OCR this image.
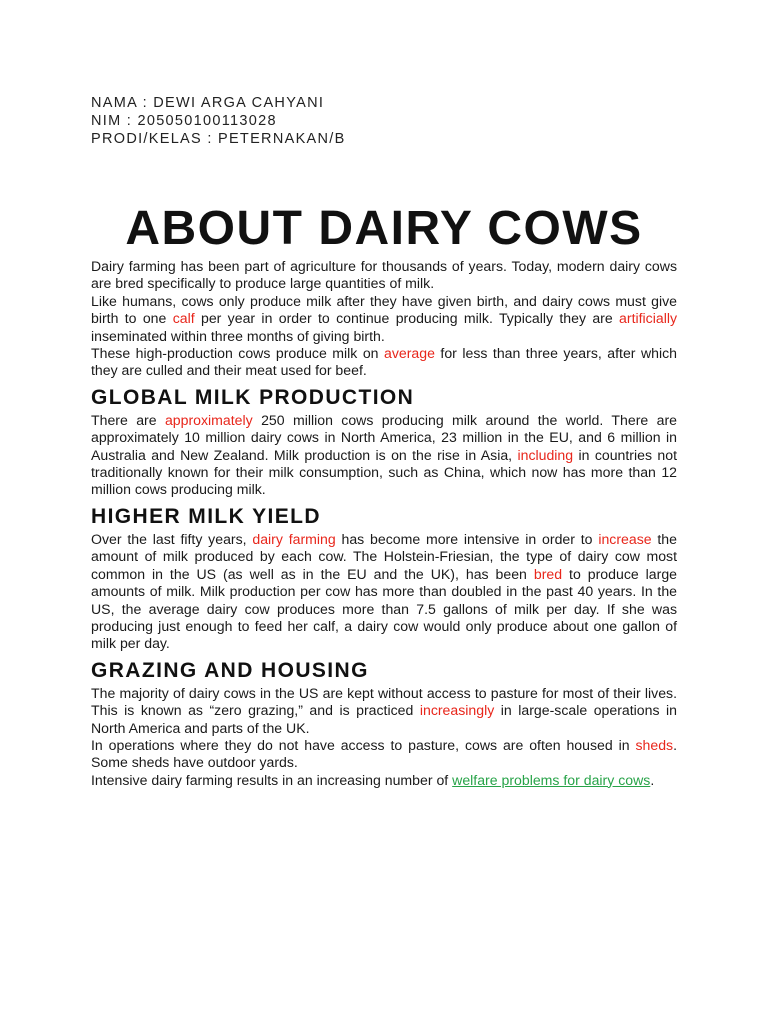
NAMA : DEWI ARGA CAHYANI
NIM : 205050100113028
PRODI/KELAS : PETERNAKAN/B
ABOUT DAIRY COWS

Dairy farming has been part of agriculture for thousands of years. Today, modern dairy cows are bred specifically to produce large quantities of milk.

Like humans, cows only produce milk after they have given birth, and dairy cows must give birth to one calf per year in order to continue producing milk. Typically they are artificially inseminated within three months of giving birth.

These high-production cows produce milk on average for less than three years, after which they are culled and their meat used for beef.

GLOBAL MILK PRODUCTION

There are approximately 250 million cows producing milk around the world. There are approximately 10 million dairy cows in North America, 23 million in the EU, and 6 million in Australia and New Zealand. Milk production is on the rise in Asia, including in countries not traditionally known for their milk consumption, such as China, which now has more than 12 million cows producing milk.

HIGHER MILK YIELD

Over the last fifty years, dairy farming has become more intensive in order to increase the amount of milk produced by each cow. The Holstein-Friesian, the type of dairy cow most common in the US (as well as in the EU and the UK), has been bred to produce large amounts of milk. Milk production per cow has more than doubled in the past 40 years. In the US, the average dairy cow produces more than 7.5 gallons of milk per day. If she was producing just enough to feed her calf, a dairy cow would only produce about one gallon of milk per day.

GRAZING AND HOUSING

The majority of dairy cows in the US are kept without access to pasture for most of their lives. This is known as “zero grazing,” and is practiced increasingly in large-scale operations in North America and parts of the UK.

In operations where they do not have access to pasture, cows are often housed in sheds. Some sheds have outdoor yards.

Intensive dairy farming results in an increasing number of welfare problems for dairy cows.
